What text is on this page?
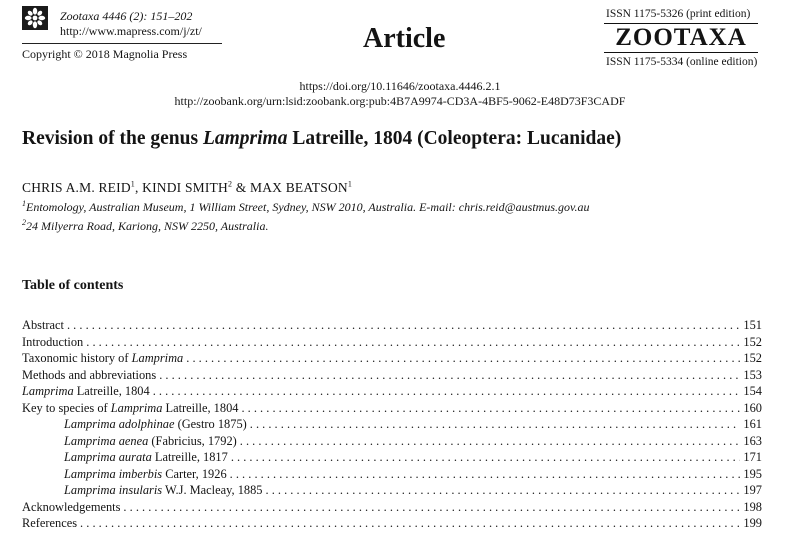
Zootaxa 4446 (2): 151–202
http://www.mapress.com/j/zt/
Copyright © 2018 Magnolia Press	Article
ISSN 1175-5326 (print edition)
ZOOTAXA
ISSN 1175-5334 (online edition)
https://doi.org/10.11646/zootaxa.4446.2.1
http://zoobank.org/urn:lsid:zoobank.org:pub:4B7A9974-CD3A-4BF5-9062-E48D73F3CADF
Revision of the genus Lamprima Latreille, 1804 (Coleoptera: Lucanidae)
CHRIS A.M. REID$^1$, KINDI SMITH$^2$ & MAX BEATSON$^1$
$^1$Entomology, Australian Museum, 1 William Street, Sydney, NSW 2010, Australia. E-mail: chris.reid@austmus.gov.au
$^2$24 Milyerra Road, Kariong, NSW 2250, Australia.
Table of contents
Abstract . . .	151
Introduction . . .	152
Taxonomic history of Lamprima . . .	152
Methods and abbreviations . . .	153
Lamprima Latreille, 1804 . . .	154
Key to species of Lamprima Latreille, 1804 . . .	160
Lamprima adolphinae (Gestro 1875) . . .	161
Lamprima aenea (Fabricius, 1792) . . .	163
Lamprima aurata Latreille, 1817 . . .	171
Lamprima imberbis Carter, 1926 . . .	195
Lamprima insularis W.J. Macleay, 1885 . . .	197
Acknowledgements . . .	198
References . . .	199
